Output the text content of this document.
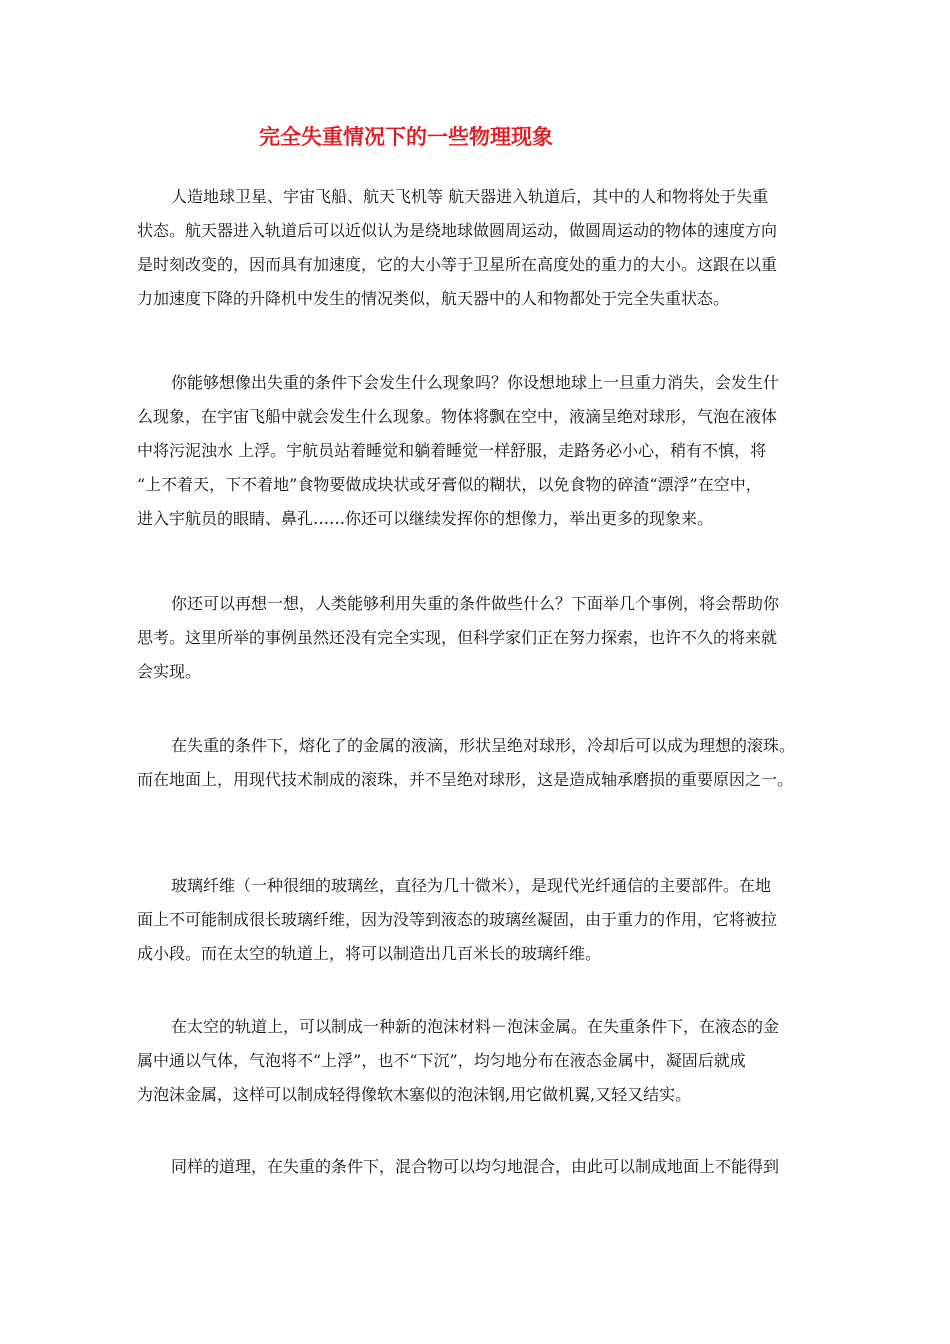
完全失重情况下的一些物理现象
人造地球卫星、宇宙飞船、航天飞机等 航天器进入轨道后，其中的人和物将处于失重
状态。航天器进入轨道后可以近似认为是绕地球做圆周运动，做圆周运动的物体的速度方向
是时刻改变的，因而具有加速度，它的大小等于卫星所在高度处的重力的大小。这跟在以重
力加速度下降的升降机中发生的情况类似，航天器中的人和物都处于完全失重状态。
你能够想像出失重的条件下会发生什么现象吗？你设想地球上一旦重力消失，会发生什
么现象，在宇宙飞船中就会发生什么现象。物体将飘在空中，液滴呈绝对球形，气泡在液体
中将污泥浊水 上浮。宇航员站着睡觉和躺着睡觉一样舒服，走路务必小心，稍有不慎，将
“上不着天，下不着地”食物要做成块状或牙膏似的糊状，以免食物的碎渣“漂浮”在空中，
进入宇航员的眼睛、鼻孔……你还可以继续发挥你的想像力，举出更多的现象来。
你还可以再想一想，人类能够利用失重的条件做些什么？下面举几个事例，将会帮助你
思考。这里所举的事例虽然还没有完全实现，但科学家们正在努力探索，也许不久的将来就
会实现。
在失重的条件下，熔化了的金属的液滴，形状呈绝对球形，冷却后可以成为理想的滚珠。
而在地面上，用现代技术制成的滚珠，并不呈绝对球形，这是造成轴承磨损的重要原因之一。
玻璃纤维（一种很细的玻璃丝，直径为几十微米），是现代光纤通信的主要部件。在地
面上不可能制成很长玻璃纤维，因为没等到液态的玻璃丝凝固，由于重力的作用，它将被拉
成小段。而在太空的轨道上，将可以制造出几百米长的玻璃纤维。
在太空的轨道上，可以制成一种新的泡沫材料－泡沫金属。在失重条件下，在液态的金
属中通以气体，气泡将不“上浮”，也不“下沉”，均匀地分布在液态金属中，凝固后就成
为泡沫金属，这样可以制成轻得像软木塞似的泡沫钢,用它做机翼,又轻又结实。
同样的道理，在失重的条件下，混合物可以均匀地混合，由此可以制成地面上不能得到
